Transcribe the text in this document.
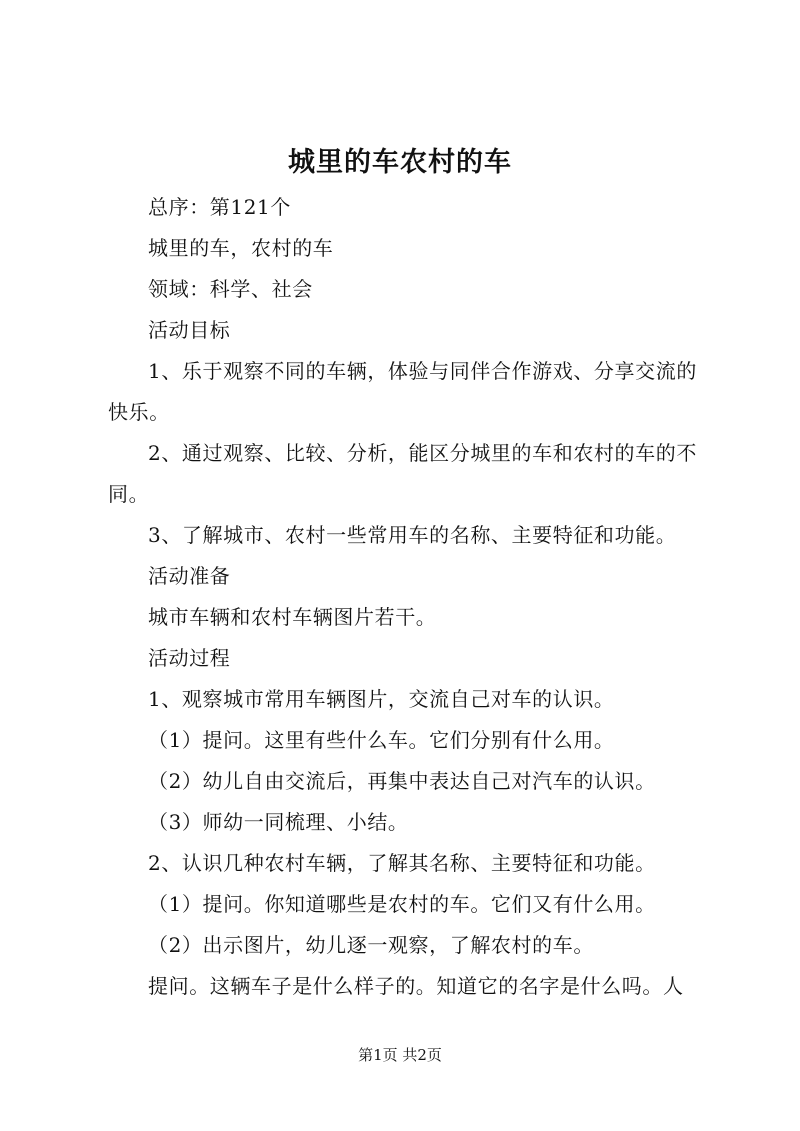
城里的车农村的车
总序：第121个
城里的车，农村的车
领域：科学、社会
活动目标
1、乐于观察不同的车辆，体验与同伴合作游戏、分享交流的快乐。
2、通过观察、比较、分析，能区分城里的车和农村的车的不同。
3、了解城市、农村一些常用车的名称、主要特征和功能。
活动准备
城市车辆和农村车辆图片若干。
活动过程
1、观察城市常用车辆图片，交流自己对车的认识。
（1）提问。这里有些什么车。它们分别有什么用。
（2）幼儿自由交流后，再集中表达自己对汽车的认识。
（3）师幼一同梳理、小结。
2、认识几种农村车辆，了解其名称、主要特征和功能。
（1）提问。你知道哪些是农村的车。它们又有什么用。
（2）出示图片，幼儿逐一观察，了解农村的车。
提问。这辆车子是什么样子的。知道它的名字是什么吗。人
第1页 共2页
